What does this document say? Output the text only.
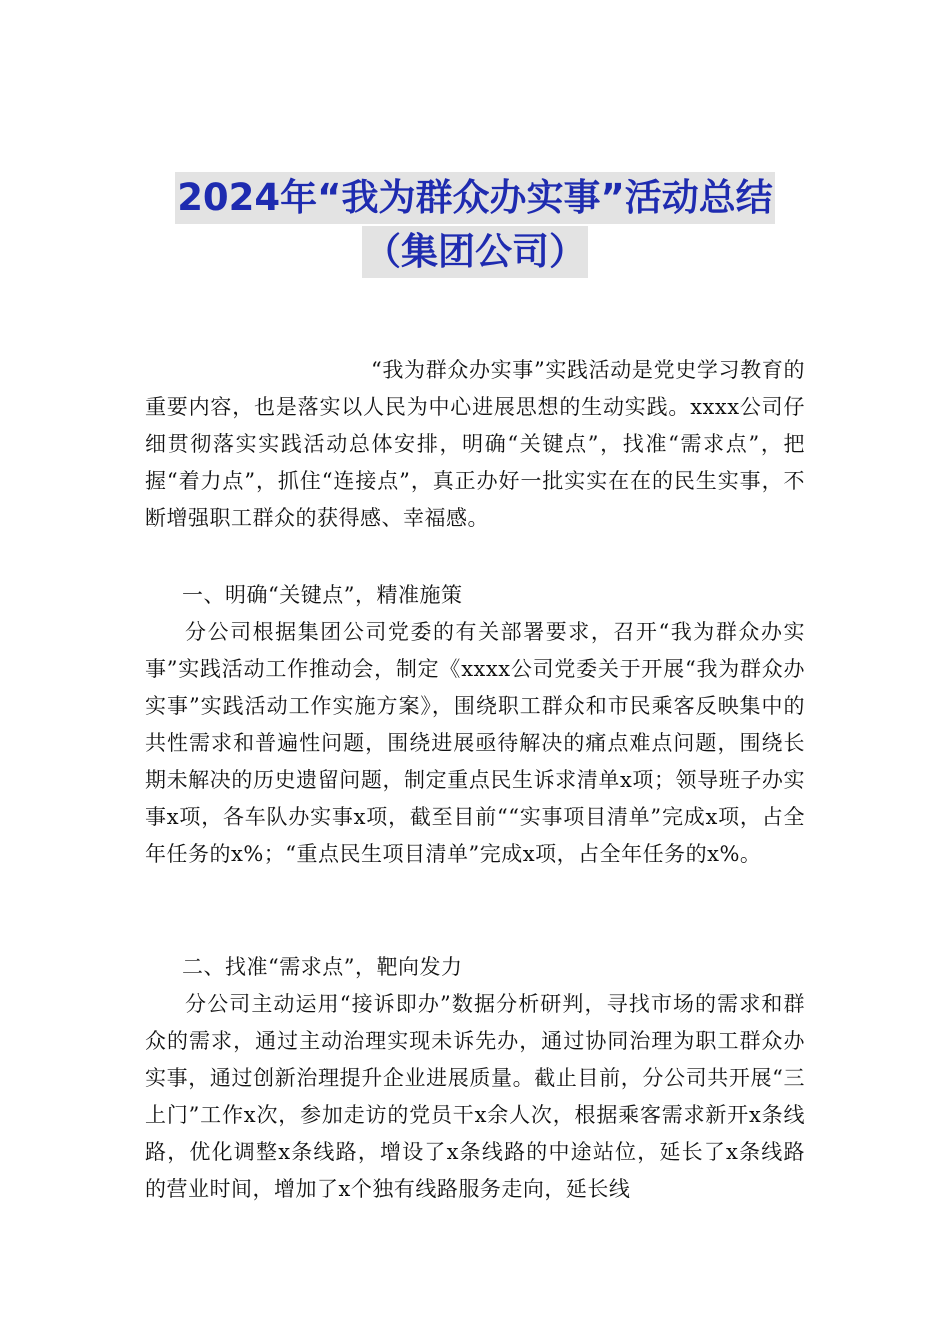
2024年“我为群众办实事”活动总结
（集团公司）

“我为群众办实事”实践活动是党史学习教育的重要内容，也是落实以人民为中心进展思想的生动实践。xxxx公司仔细贯彻落实实践活动总体安排，明确“关键点”，找准“需求点”，把握“着力点”，抓住“连接点”，真正办好一批实实在在的民生实事，不断增强职工群众的获得感、幸福感。

一、明确“关键点”，精准施策

分公司根据集团公司党委的有关部署要求，召开“我为群众办实事”实践活动工作推动会，制定《xxxx公司党委关于开展“我为群众办实事”实践活动工作实施方案》，围绕职工群众和市民乘客反映集中的共性需求和普遍性问题，围绕进展亟待解决的痛点难点问题，围绕长期未解决的历史遗留问题，制定重点民生诉求清单x项；领导班子办实事x项，各车队办实事x项，截至目前““实事项目清单”完成x项，占全年任务的x%；“重点民生项目清单”完成x项，占全年任务的x%。

二、找准“需求点”，靶向发力

分公司主动运用“接诉即办”数据分析研判，寻找市场的需求和群众的需求，通过主动治理实现未诉先办，通过协同治理为职工群众办实事，通过创新治理提升企业进展质量。截止目前，分公司共开展“三上门”工作x次，参加走访的党员干x余人次，根据乘客需求新开x条线路，优化调整x条线路，增设了x条线路的中途站位，延长了x条线路的营业时间，增加了x个独有线路服务走向，延长线
